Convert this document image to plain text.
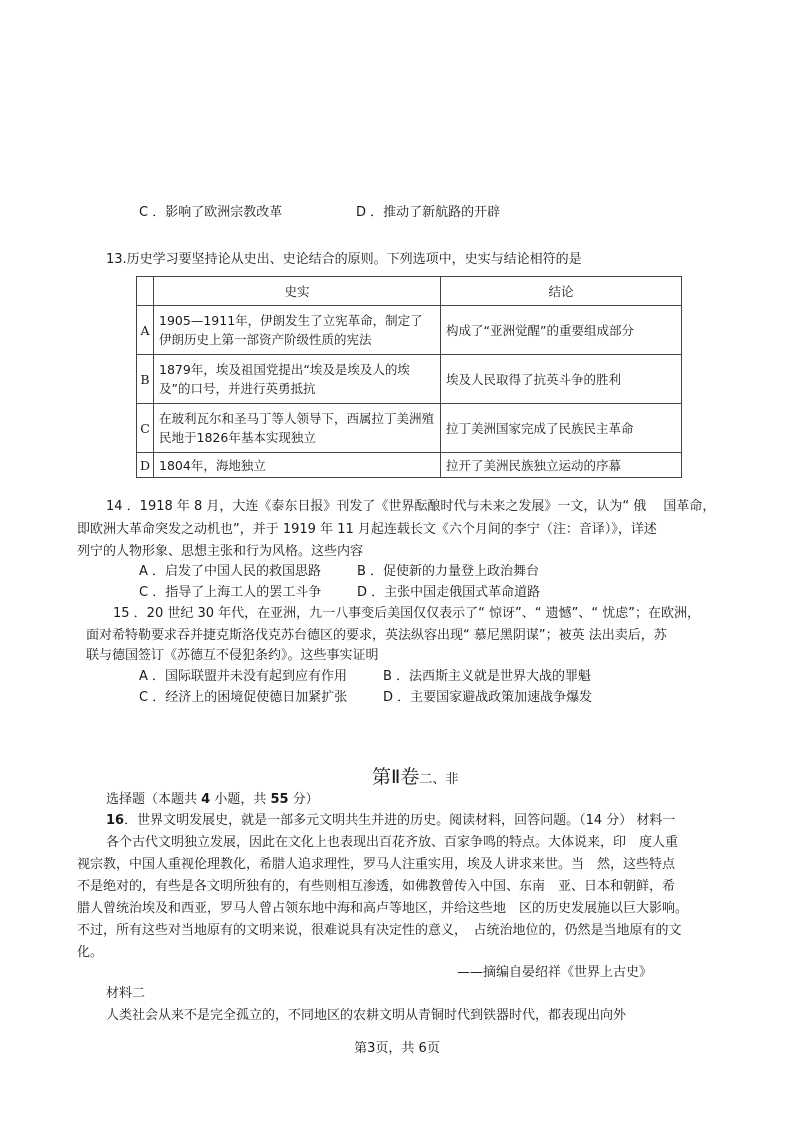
C ．影响了欧洲宗教改革	D ．推动了新航路的开辟
13.历史学习要坚持论从史出、史论结合的原则。下列选项中，史实与结论相符的是
	史实	结论
A	1905—1911年，伊朗发生了立宪革命，制定了伊朗历史上第一部资产阶级性质的宪法	构成了“亚洲觉醒”的重要组成部分
B	1879年，埃及祖国党提出“埃及是埃及人的埃及”的口号，并进行英勇抵抗	埃及人民取得了抗英斗争的胜利
C	在玻利瓦尔和圣马丁等人领导下，西属拉丁美洲殖民地于1826年基本实现独立	拉丁美洲国家完成了民族民主革命
D	1804年，海地独立	拉开了美洲民族独立运动的序幕
14 ．1918 年 8 月，大连《泰东日报》刊发了《世界酝酿时代与未来之发展》一文，认为“ 俄　 国革命，
即欧洲大革命突发之动机也”，并于 1919 年 11 月起连载长文《六个月间的李宁（注：音译）》，详述
列宁的人物形象、思想主张和行为风格。这些内容
A ．启发了中国人民的救国思路	B ．促使新的力量登上政治舞台
C ．指导了上海工人的罢工斗争	D ．主张中国走俄国式革命道路
15 ．20 世纪 30 年代，在亚洲，九一八事变后美国仅仅表示了“ 惊讶”、“ 遗憾”、“ 忧虑”；在欧洲，
面对希特勒要求吞并捷克斯洛伐克苏台德区的要求，英法纵容出现“ 慕尼黑阴谋”；被英 法出卖后，苏
联与德国签订《苏德互不侵犯条约》。这些事实证明
A ．国际联盟并未没有起到应有作用	B ．法西斯主义就是世界大战的罪魁
C ．经济上的困境促使德日加紧扩张	D ．主要国家避战政策加速战争爆发
第Ⅱ卷二、非
选择题（本题共 4 小题，共 55 分）
16．世界文明发展史，就是一部多元文明共生并进的历史。阅读材料，回答问题。（14 分） 材料一
各个古代文明独立发展，因此在文化上也表现出百花齐放、百家争鸣的特点。大体说来，印　度人重
视宗教，中国人重视伦理教化，希腊人追求理性，罗马人注重实用，埃及人讲求来世。当　然，这些特点
不是绝对的，有些是各文明所独有的，有些则相互渗透，如佛教曾传入中国、东南　亚、日本和朝鲜，希
腊人曾统治埃及和西亚，罗马人曾占领东地中海和高卢等地区，并给这些地　区的历史发展施以巨大影响。
不过，所有这些对当地原有的文明来说，很难说具有决定性的意义，　占统治地位的，仍然是当地原有的文
化。
——摘编自晏绍祥《世界上古史》
材料二
人类社会从来不是完全孤立的，不同地区的农耕文明从青铜时代到铁器时代，都表现出向外
第3页，共 6页
